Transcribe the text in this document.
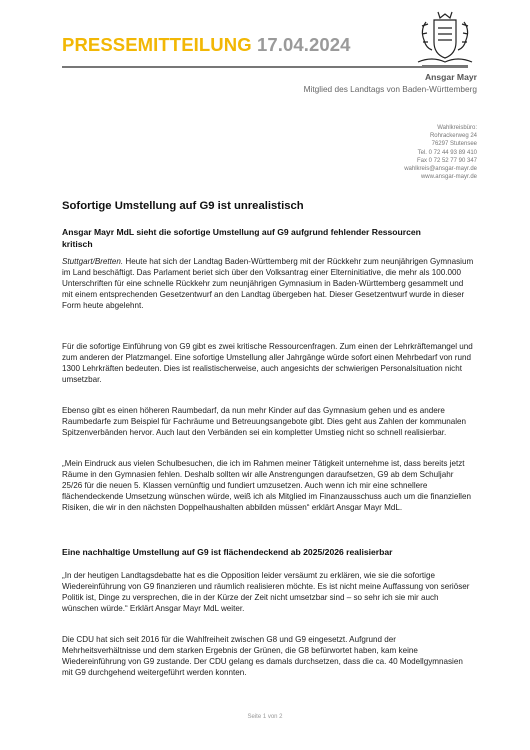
PRESSEMITTEILUNG 17.04.2024
Ansgar Mayr
Mitglied des Landtags von Baden-Württemberg
Wahlkreisbüro:
Rohrackerweg 24
76297 Stutensee
Tel. 0 72 44 93 89 410
Fax 0 72 52 77 90 347
wahlkreis@ansgar-mayr.de
www.ansgar-mayr.de
Sofortige Umstellung auf G9 ist unrealistisch
Ansgar Mayr MdL sieht die sofortige Umstellung auf G9 aufgrund fehlender Ressourcen kritisch

Stuttgart/Bretten. Heute hat sich der Landtag Baden-Württemberg mit der Rückkehr zum neunjährigen Gymnasium im Land beschäftigt. Das Parlament beriet sich über den Volksantrag einer Elterninitiative, die mehr als 100.000 Unterschriften für eine schnelle Rückkehr zum neunjährigen Gymnasium in Baden-Württemberg gesammelt und mit einem entsprechenden Gesetzentwurf an den Landtag übergeben hat. Dieser Gesetzentwurf wurde in dieser Form heute abgelehnt.

Für die sofortige Einführung von G9 gibt es zwei kritische Ressourcenfragen. Zum einen der Lehrkräftemangel und zum anderen der Platzmangel. Eine sofortige Umstellung aller Jahrgänge würde sofort einen Mehrbedarf von rund 1300 Lehrkräften bedeuten. Dies ist realistischerweise, auch angesichts der schwierigen Personalsituation nicht umsetzbar.

Ebenso gibt es einen höheren Raumbedarf, da nun mehr Kinder auf das Gymnasium gehen und es andere Raumbedarfe zum Beispiel für Fachräume und Betreuungsangebote gibt. Dies geht aus Zahlen der kommunalen Spitzenverbänden hervor. Auch laut den Verbänden sei ein kompletter Umstieg nicht so schnell realisierbar.

„Mein Eindruck aus vielen Schulbesuchen, die ich im Rahmen meiner Tätigkeit unternehme ist, dass bereits jetzt Räume in den Gymnasien fehlen. Deshalb sollten wir alle Anstrengungen daraufsetzen, G9 ab dem Schuljahr 25/26 für die neuen 5. Klassen vernünftig und fundiert umzusetzen. Auch wenn ich mir eine schnellere flächendeckende Umsetzung wünschen würde, weiß ich als Mitglied im Finanzausschuss auch um die finanziellen Risiken, die wir in den nächsten Doppelhaushalten abbilden müssen“ erklärt Ansgar Mayr MdL.

Eine nachhaltige Umstellung auf G9 ist flächendeckend ab 2025/2026 realisierbar

„In der heutigen Landtagsdebatte hat es die Opposition leider versäumt zu erklären, wie sie die sofortige Wiedereinführung von G9 finanzieren und räumlich realisieren möchte. Es ist nicht meine Auffassung von seriöser Politik ist, Dinge zu versprechen, die in der Kürze der Zeit nicht umsetzbar sind – so sehr ich sie mir auch wünschen würde.“ Erklärt Ansgar Mayr MdL weiter.

Die CDU hat sich seit 2016 für die Wahlfreiheit zwischen G8 und G9 eingesetzt. Aufgrund der Mehrheitsverhältnisse und dem starken Ergebnis der Grünen, die G8 befürwortet haben, kam keine Wiedereinführung von G9 zustande. Der CDU gelang es damals durchsetzen, dass die ca. 40 Modellgymnasien mit G9 durchgehend weitergeführt werden konnten.

Seite 1 von 2
